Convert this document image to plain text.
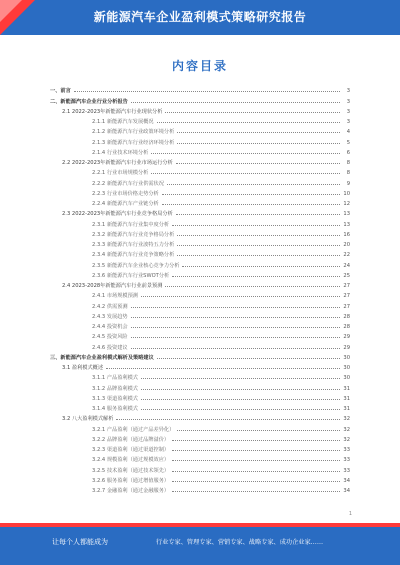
新能源汽车企业盈利模式策略研究报告
内容目录
一、前言	3
二、新能源汽车企业行业分析报告	3
2.1 2022-2023年新能源汽车行业现状分析	3
2.1.1 新能源汽车发展概况	3
2.1.2 新能源汽车行业政策环境分析	4
2.1.3 新能源汽车行业经济环境分析	5
2.1.4 行业技术环境分析	6
2.2 2022-2023年新能源汽车行业市场运行分析	8
2.2.1 行业市场规模分析	8
2.2.2 新能源汽车行业供需状况	9
2.2.3 行业市场价格走势分析	10
2.2.4 新能源汽车产业链分析	12
2.3 2022-2023年新能源汽车行业竞争格局分析	13
2.3.1 新能源汽车行业集中度分析	13
2.3.2 新能源汽车行业竞争格局分析	16
2.3.3 新能源汽车行业波特五力分析	20
2.3.4 新能源汽车行业竞争策略分析	22
2.3.5 新能源汽车企业核心竞争力分析	24
2.3.6 新能源汽车行业SWOT分析	25
2.4 2023-2028年新能源汽车行业前景预测	27
2.4.1 市场规模预测	27
2.4.2 供需预测	27
2.4.3 发展趋势	28
2.4.4 投资机会	28
2.4.5 投资风险	29
2.4.6 投资建议	29
三、新能源汽车企业盈利模式解析及策略建议	30
3.1 盈利模式概述	30
3.1.1 产品盈利模式	30
3.1.2 品牌盈利模式	31
3.1.3 渠道盈利模式	31
3.1.4 服务盈利模式	31
3.2 八大盈利模式解析	32
3.2.1 产品盈利（通过产品差异化）	32
3.2.2 品牌盈利（通过品牌溢价）	32
3.2.3 渠道盈利（通过渠道控制）	33
3.2.4 规模盈利（通过规模效应）	33
3.2.5 技术盈利（通过技术领先）	33
3.2.6 服务盈利（通过增值服务）	34
3.2.7 金融盈利（通过金融服务）	34
1
让每个人都能成为	行业专家、管理专家、营销专家、战略专家、成功企业家……
